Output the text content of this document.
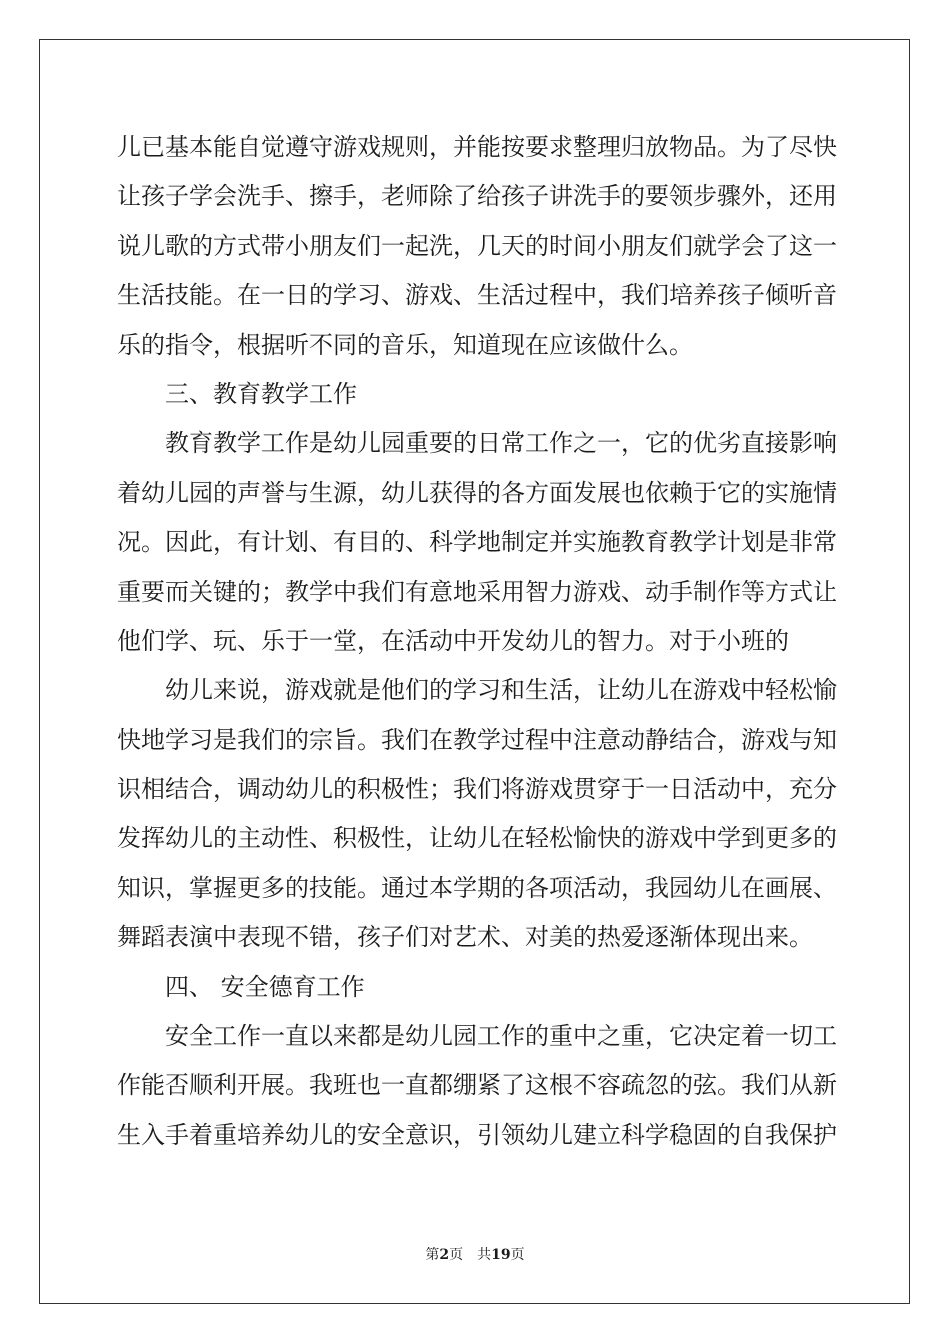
儿已基本能自觉遵守游戏规则，并能按要求整理归放物品。为了尽快
让孩子学会洗手、擦手，老师除了给孩子讲洗手的要领步骤外，还用
说儿歌的方式带小朋友们一起洗，几天的时间小朋友们就学会了这一
生活技能。在一日的学习、游戏、生活过程中，我们培养孩子倾听音
乐的指令，根据听不同的音乐，知道现在应该做什么。
三、教育教学工作
教育教学工作是幼儿园重要的日常工作之一，它的优劣直接影响
着幼儿园的声誉与生源，幼儿获得的各方面发展也依赖于它的实施情
况。因此，有计划、有目的、科学地制定并实施教育教学计划是非常
重要而关键的；教学中我们有意地采用智力游戏、动手制作等方式让
他们学、玩、乐于一堂，在活动中开发幼儿的智力。对于小班的
幼儿来说，游戏就是他们的学习和生活，让幼儿在游戏中轻松愉
快地学习是我们的宗旨。我们在教学过程中注意动静结合，游戏与知
识相结合，调动幼儿的积极性；我们将游戏贯穿于一日活动中，充分
发挥幼儿的主动性、积极性，让幼儿在轻松愉快的游戏中学到更多的
知识，掌握更多的技能。通过本学期的各项活动，我园幼儿在画展、
舞蹈表演中表现不错，孩子们对艺术、对美的热爱逐渐体现出来。
四、 安全德育工作
安全工作一直以来都是幼儿园工作的重中之重，它决定着一切工
作能否顺利开展。我班也一直都绷紧了这根不容疏忽的弦。我们从新
生入手着重培养幼儿的安全意识，引领幼儿建立科学稳固的自我保护
第2页 共19页
